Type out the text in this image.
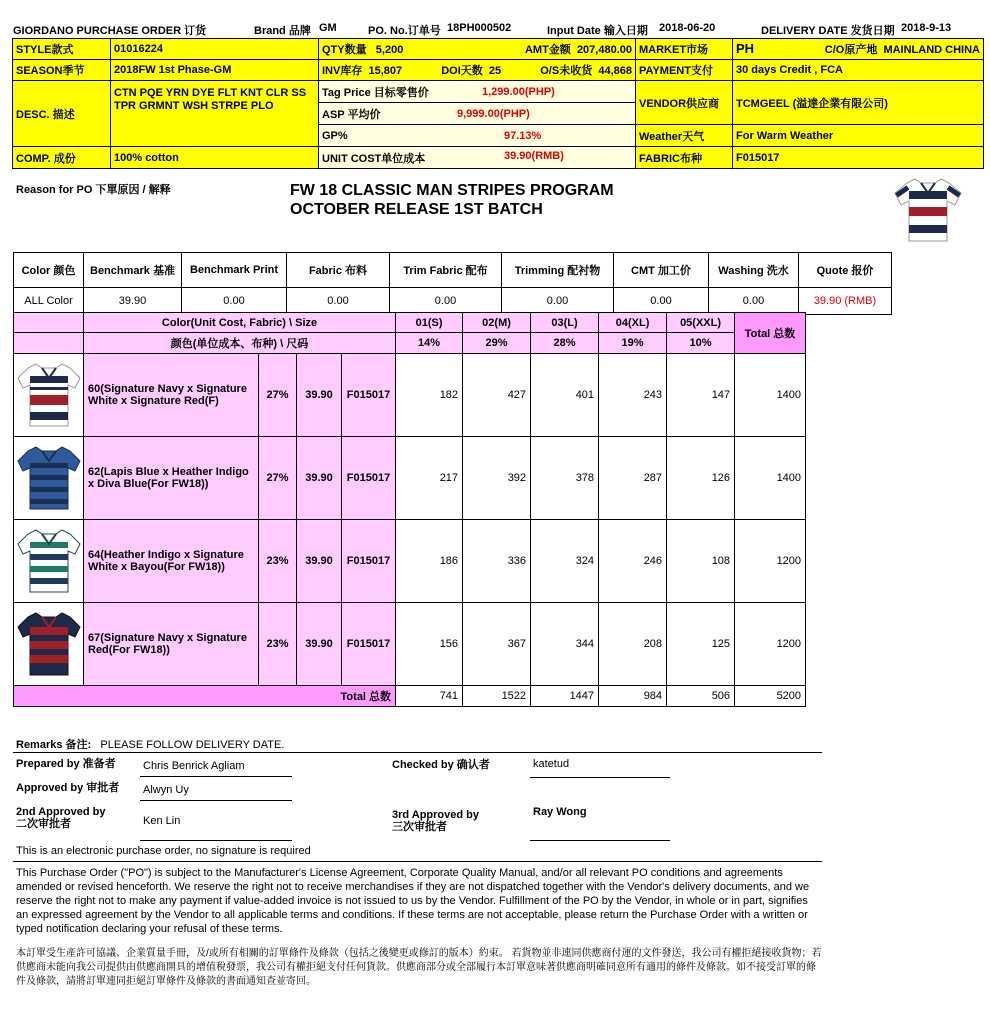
GIORDANO PURCHASE ORDER 订货	Brand 品牌 GM	PO. No.订单号 18PH000502	Input Date 输入日期 2018-06-20	DELIVERY DATE 发货日期 2018-9-13
STYLE款式	01016224	QTY数量 5,200 AMT金额 207,480.00	MARKET市场	PH C/O原产地 MAINLAND CHINA

SEASON季节	2018FW 1st Phase-GM	INV库存 15,807 DOI天数 25 O/S未收货 44,868	PAYMENT支付	30 days Credit , FCA
DESC. 描述	CTN PQE YRN DYE FLT KNT CLR SS TPR GRMNT WSH STRPE PLO	Tag Price 目标零售价 1,299.00(PHP)
ASP 平均价 9,999.00(PHP)	VENDOR供应商	TCMGEEL (溢達企業有限公司)

		GP% 97.13%	Weather天气	For Warm Weather
COMP. 成份	100% cotton	UNIT COST单位成本 39.90(RMB)	FABRIC布种	F015017
Reason for PO 下單原因 / 解释	FW 18 CLASSIC MAN STRIPES PROGRAM
OCTOBER RELEASE 1ST BATCH
Color 颜色	Benchmark 基准	Benchmark Print	Fabric 布料	Trim Fabric 配布	Trimming 配衬物	CMT 加工价	Washing 洗水	Quote 报价
ALL Color	39.90	0.00	0.00	0.00	0.00	0.00	0.00	39.90 (RMB)
	Color(Unit Cost, Fabric) \ Size				01(S)	02(M)	03(L)	04(XL)	05(XXL)	Total 总数
	颜色(单位成本、布种) \ 尺码				14%	29%	28%	19%	10%	

	60(Signature Navy x Signature White x Signature Red(F)	27%	39.90	F015017	182	427	401	243	147	1400

	62(Lapis Blue x Heather Indigo x Diva Blue(For FW18))	27%	39.90	F015017	217	392	378	287	126	1400

	64(Heather Indigo x Signature White x Bayou(For FW18))	23%	39.90	F015017	186	336	324	246	108	1200

	67(Signature Navy x Signature Red(For FW18))	23%	39.90	F015017	156	367	344	208	125	1200
Total 总数					741	1522	1447	984	506	5200
Remarks 备注: PLEASE FOLLOW DELIVERY DATE.
Prepared by 准备者 Chris Benrick Agliam	Checked by 确认者	katetud
Approved by 审批者 Alwyn Uy
2nd Approved by
二次审批者	Ken Lin	3rd Approved by
三次审批者
Ray Wong
This is an electronic purchase order, no signature is required
This Purchase Order ("PO") is subject to the Manufacturer's License Agreement, Corporate Quality Manual, and/or all relevant PO conditions and agreements amended or revised henceforth. We reserve the right not to receive merchandises if they are not dispatched together with the Vendor's delivery documents, and we reserve the right not to make any payment if value-added invoice is not issued to us by the Vendor. Fulfillment of the PO by the Vendor, in whole or in part, signifies an expressed agreement by the Vendor to all applicable terms and conditions. If these terms are not acceptable, please return the Purchase Order with a written or typed notification declaring your refusal of these terms.
本訂單受生產許可協議、企業質量手冊，及/或所有相關的訂單條件及條款（包括之後變更或修訂的版本）約束。 若貨物並非連同供應商付運的文件發送，我公司有權拒絕接收貨物；若供應商未能向我公司提供由供應商開具的增值稅發票，我公司有權拒絕支付任何貨款。供應商部分或全部履行本訂單意味著供應商明確同意所有適用的條件及條款。如不接受訂單的條件及條款，請將訂單連同拒絕訂單條件及條款的書面通知查並寄回。
